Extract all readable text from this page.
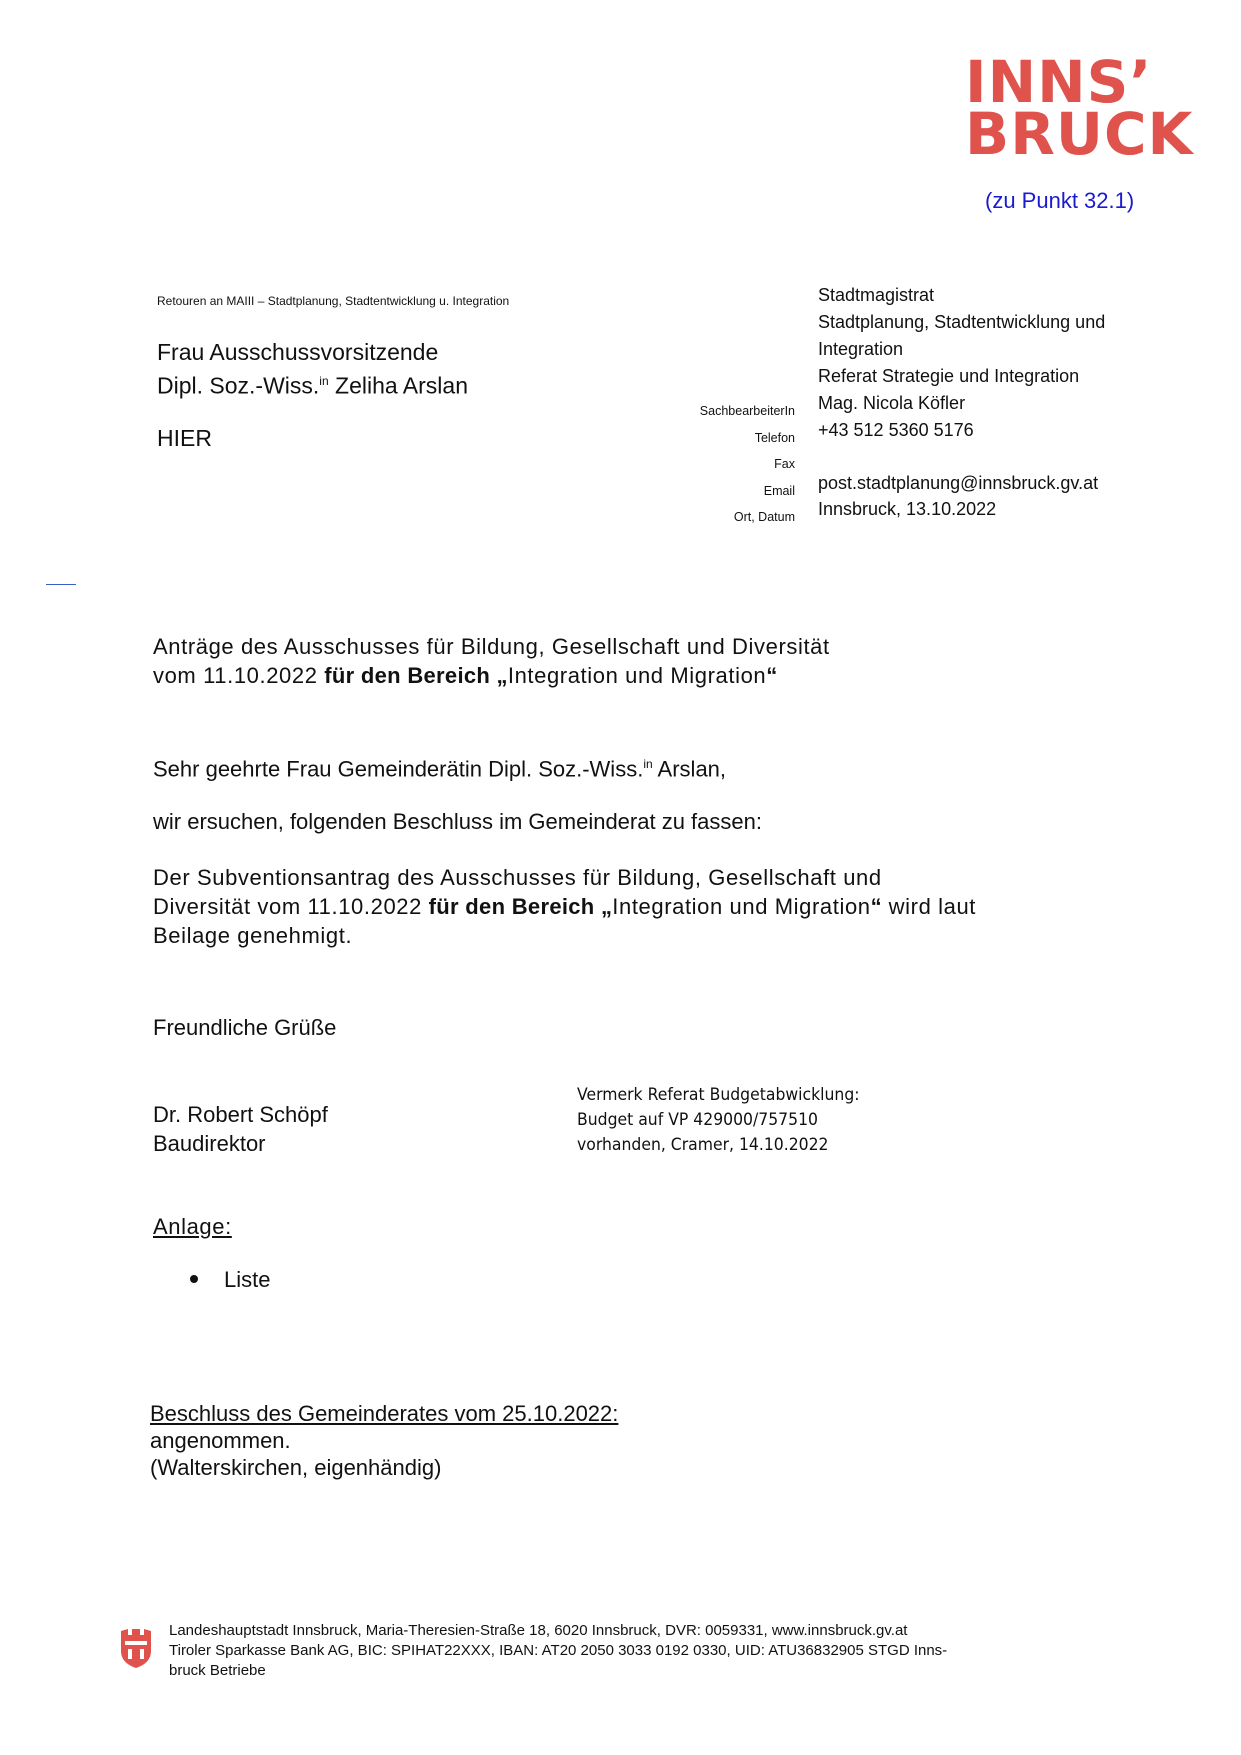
INNS’
BRUCK
(zu Punkt 32.1)
Retouren an MAIII – Stadtplanung, Stadtentwicklung u. Integration
Frau Ausschussvorsitzende
Dipl. Soz.-Wiss.$^{in}$ Zeliha Arslan
HIER
Stadtmagistrat
Stadtplanung, Stadtentwicklung und
Integration
Referat Strategie und Integration
Mag. Nicola Köfler
+43 512 5360 5176

post.stadtplanung@innsbruck.gv.at
Innsbruck, 13.10.2022
SachbearbeiterIn
Telefon
Fax
Email
Ort, Datum
Anträge des Ausschusses für Bildung, Gesellschaft und Diversität
vom 11.10.2022 für den Bereich „Integration und Migration“
Sehr geehrte Frau Gemeinderätin Dipl. Soz.-Wiss.$^{in}$ Arslan,
wir ersuchen, folgenden Beschluss im Gemeinderat zu fassen:
Der Subventionsantrag des Ausschusses für Bildung, Gesellschaft und
Diversität vom 11.10.2022 für den Bereich „Integration und Migration“ wird laut
Beilage genehmigt.
Freundliche Grüße
Dr. Robert Schöpf
Baudirektor
Vermerk Referat Budgetabwicklung:
Budget auf VP 429000/757510
vorhanden, Cramer, 14.10.2022
Anlage:
Liste
Beschluss des Gemeinderates vom 25.10.2022:
angenommen.
(Walterskirchen, eigenhändig)
Landeshauptstadt Innsbruck, Maria-Theresien-Straße 18, 6020 Innsbruck, DVR: 0059331, www.innsbruck.gv.at
Tiroler Sparkasse Bank AG, BIC: SPIHAT22XXX, IBAN: AT20 2050 3033 0192 0330, UID: ATU36832905 STGD Inns-
bruck Betriebe
